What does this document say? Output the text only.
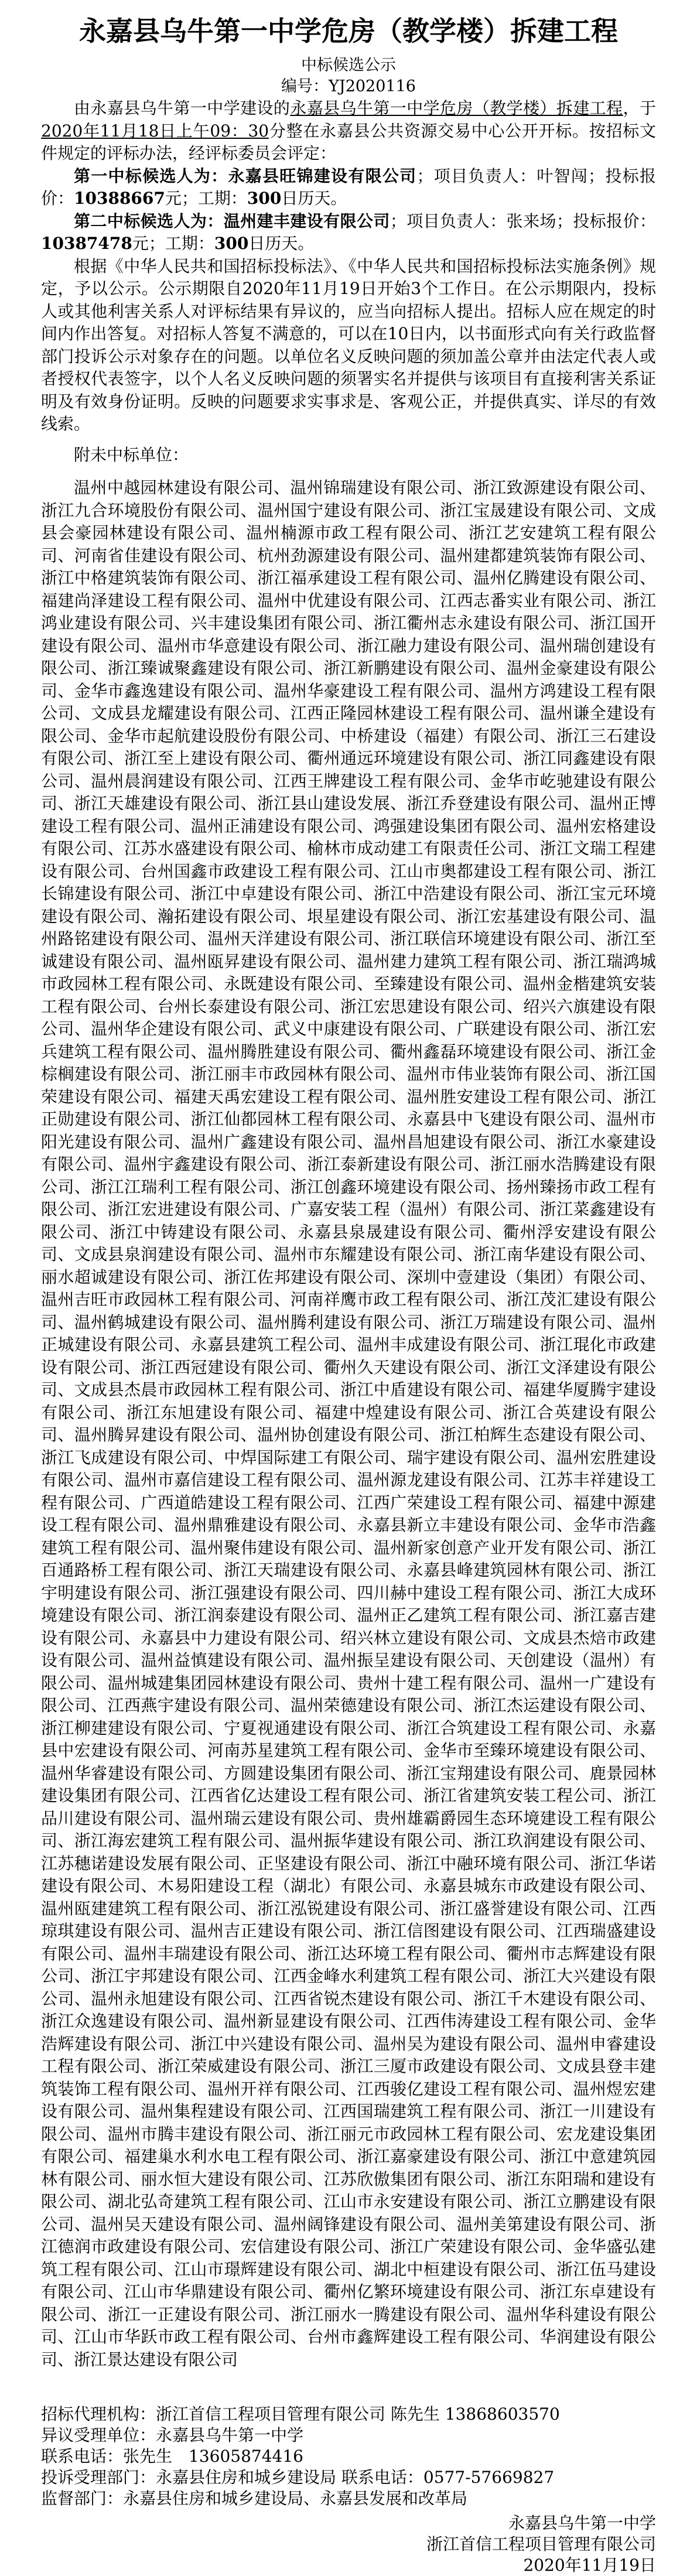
永嘉县乌牛第一中学危房（教学楼）拆建工程
中标候选公示
编号：YJ2020116

由永嘉县乌牛第一中学建设的永嘉县乌牛第一中学危房（教学楼）拆建工程，于2020年11月18日上午09：30分整在永嘉县公共资源交易中心公开开标。按招标文件规定的评标办法，经评标委员会评定：

第一中标候选人为：永嘉县旺锦建设有限公司；项目负责人：叶智闯；投标报价：10388667元；工期：300日历天。

第二中标候选人为：温州建丰建设有限公司；项目负责人：张来场；投标报价：10387478元；工期：300日历天。

根据《中华人民共和国招标投标法》、《中华人民共和国招标投标法实施条例》规定，予以公示。公示期限自2020年11月19日开始3个工作日。在公示期限内，投标人或其他利害关系人对评标结果有异议的，应当向招标人提出。招标人应在规定的时间内作出答复。对招标人答复不满意的，可以在10日内，以书面形式向有关行政监督部门投诉公示对象存在的问题。以单位名义反映问题的须加盖公章并由法定代表人或者授权代表签字，以个人名义反映问题的须署实名并提供与该项目有直接利害关系证明及有效身份证明。反映的问题要求实事求是、客观公正，并提供真实、详尽的有效线索。

附未中标单位：

温州中越园林建设有限公司、温州锦瑞建设有限公司、浙江致源建设有限公司、浙江九合环境股份有限公司、温州国宁建设有限公司、浙江宝晟建设有限公司、文成县会豪园林建设有限公司、温州楠源市政工程有限公司、浙江艺安建筑工程有限公司、河南省佳建设有限公司、杭州劲源建设有限公司、温州建都建筑装饰有限公司、浙江中格建筑装饰有限公司、浙江福承建设工程有限公司、温州亿腾建设有限公司、福建尚泽建设工程有限公司、温州中优建设有限公司、江西志番实业有限公司、浙江鸿业建设有限公司、兴丰建设集团有限公司、浙江衢州志永建设有限公司、浙江国开建设有限公司、温州市华意建设有限公司、浙江融力建设有限公司、温州瑞创建设有限公司、浙江臻诚聚鑫建设有限公司、浙江新鹏建设有限公司、温州金豪建设有限公司、金华市鑫逸建设有限公司、温州华豪建设工程有限公司、温州方鸿建设工程有限公司、文成县龙耀建设有限公司、江西正隆园林建设工程有限公司、温州谦全建设有限公司、金华市起航建设股份有限公司、中桥建设（福建）有限公司、浙江三石建设有限公司、浙江至上建设有限公司、衢州通远环境建设有限公司、浙江同鑫建设有限公司、温州晨润建设有限公司、江西王牌建设工程有限公司、金华市屹驰建设有限公司、浙江天雄建设有限公司、浙江县山建设发展、浙江乔登建设有限公司、温州正博建设工程有限公司、温州正浦建设有限公司、鸿强建设集团有限公司、温州宏格建设有限公司、江苏水盛建设有限公司、榆林市成动建工有限责任公司、浙江文瑞工程建设有限公司、台州国鑫市政建设工程有限公司、江山市奥都建设工程有限公司、浙江长锦建设有限公司、浙江中卓建设有限公司、浙江中浩建设有限公司、浙江宝元环境建设有限公司、瀚拓建设有限公司、垠星建设有限公司、浙江宏基建设有限公司、温州路铭建设有限公司、温州天洋建设有限公司、浙江联信环境建设有限公司、浙江至诚建设有限公司、温州瓯昇建设有限公司、温州建力建筑工程有限公司、浙江瑞鸿城市政园林工程有限公司、永既建设有限公司、至臻建设有限公司、温州金楷建筑安装工程有限公司、台州长泰建设有限公司、浙江宏思建设有限公司、绍兴六旗建设有限公司、温州华企建设有限公司、武义中康建设有限公司、广联建设有限公司、浙江宏兵建筑工程有限公司、温州腾胜建设有限公司、衢州鑫磊环境建设有限公司、浙江金棕榈建设有限公司、浙江丽丰市政园林有限公司、温州市伟业装饰有限公司、浙江国荣建设有限公司、福建天禹宏建设工程有限公司、温州胜安建设工程有限公司、浙江正勋建设有限公司、浙江仙都园林工程有限公司、永嘉县中飞建设有限公司、温州市阳光建设有限公司、温州广鑫建设有限公司、温州昌旭建设有限公司、浙江水豪建设有限公司、温州宇鑫建设有限公司、浙江泰新建设有限公司、浙江丽水浩腾建设有限公司、浙江江瑞利工程有限公司、浙江创鑫环境建设有限公司、扬州臻扬市政工程有限公司、浙江宏进建设有限公司、广嘉安装工程（温州）有限公司、浙江菜鑫建设有限公司、浙江中铸建设有限公司、永嘉县泉晟建设有限公司、衢州浮安建设有限公司、文成县泉润建设有限公司、温州市东耀建设有限公司、浙江南华建设有限公司、丽水超诚建设有限公司、浙江佐邦建设有限公司、深圳中壹建设（集团）有限公司、温州吉旺市政园林工程有限公司、河南祥鹰市政工程有限公司、浙江茂汇建设有限公司、温州鹤城建设有限公司、温州腾利建设有限公司、浙江万瑞建设有限公司、温州正城建设有限公司、永嘉县建筑工程公司、温州丰成建设有限公司、浙江琨化市政建设有限公司、浙江西冠建设有限公司、衢州久天建设有限公司、浙江文泽建设有限公司、文成县杰晨市政园林工程有限公司、浙江中盾建设有限公司、福建华厦腾宇建设有限公司、浙江东旭建设有限公司、福建中煌建设有限公司、浙江合英建设有限公司、温州腾昇建设有限公司、温州协创建设有限公司、浙江柏辉生态建设有限公司、浙江飞成建设有限公司、中焊国际建工有限公司、瑞宇建设有限公司、温州宏胜建设有限公司、温州市嘉信建设工程有限公司、温州源龙建设有限公司、江苏丰祥建设工程有限公司、广西道皓建设工程有限公司、江西广荣建设工程有限公司、福建中源建设工程有限公司、温州鼎雅建设有限公司、永嘉县新立丰建设有限公司、金华市浩鑫建筑工程有限公司、温州聚伟建设有限公司、温州新家创意产业开发有限公司、浙江百通路桥工程有限公司、浙江天瑞建设有限公司、永嘉县峰建筑园林有限公司、浙江宇明建设有限公司、浙江强建设有限公司、四川赫中建设工程有限公司、浙江大成环境建设有限公司、浙江润泰建设有限公司、温州正乙建筑工程有限公司、浙江嘉吉建设有限公司、永嘉县中力建设有限公司、绍兴林立建设有限公司、文成县杰焙市政建设有限公司、温州益慎建设有限公司、温州振呈建设有限公司、天创建设（温州）有限公司、温州城建集团园林建设有限公司、贵州十建工程有限公司、温州一广建设有限公司、江西燕宇建设有限公司、温州荣德建设有限公司、浙江杰运建设有限公司、浙江柳建建设有限公司、宁夏视通建设有限公司、浙江合筑建设工程有限公司、永嘉县中宏建设有限公司、河南苏星建筑工程有限公司、金华市至臻环境建设有限公司、温州华睿建设有限公司、方圆建设集团有限公司、浙江宝翔建设有限公司、鹿景园林建设集团有限公司、江西省亿达建设工程有限公司、浙江省建筑安装工程公司、浙江品川建设有限公司、温州瑞云建设有限公司、贵州雄霸爵园生态环境建设工程有限公司、浙江海宏建筑工程有限公司、温州振华建设有限公司、浙江玖润建设有限公司、江苏穗诺建设发展有限公司、正坚建设有限公司、浙江中融环境有限公司、浙江华诺建设有限公司、木易阳建设工程（湖北）有限公司、永嘉县城东市政建设有限公司、温州瓯建建筑工程有限公司、浙江泓锐建设有限公司、浙江盛誉建设有限公司、江西琼琪建设有限公司、温州吉正建设有限公司、浙江信图建设有限公司、江西瑞盛建设有限公司、温州丰瑞建设有限公司、浙江达环境工程有限公司、衢州市志辉建设有限公司、浙江宇邦建设有限公司、江西金峰水利建筑工程有限公司、浙江大兴建设有限公司、温州永旭建设有限公司、江西省锐杰建设有限公司、浙江千木建设有限公司、浙江众逸建设有限公司、温州新显建设有限公司、江西伟涛建设工程有限公司、金华浩辉建设有限公司、浙江中兴建设有限公司、温州吴为建设有限公司、温州申睿建设工程有限公司、浙江荣威建设有限公司、浙江三厦市政建设有限公司、文成县登丰建筑装饰工程有限公司、温州开祥有限公司、江西骏亿建设工程有限公司、温州煜宏建设有限公司、温州集程建设有限公司、江西国瑞建筑工程有限公司、浙江一川建设有限公司、温州市腾丰建设有限公司、浙江丽元市政园林工程有限公司、宏龙建设集团有限公司、福建巢水利水电工程有限公司、浙江嘉豪建设有限公司、浙江中意建筑园林有限公司、丽水恒大建设有限公司、江苏欣傲集团有限公司、浙江东阳瑞和建设有限公司、湖北弘奇建筑工程有限公司、江山市永安建设有限公司、浙江立鹏建设有限公司、温州吴天建设有限公司、温州阔锋建设有限公司、温州美第建设有限公司、浙江德润市政建设有限公司、宏信建设有限公司、浙江广荣建设有限公司、金华盛弘建筑工程有限公司、江山市璟辉建设有限公司、湖北中桓建设有限公司、浙江伍马建设有限公司、江山市华鼎建设有限公司、衢州亿繁环境建设有限公司、浙江东卓建设有限公司、浙江一正建设有限公司、浙江丽水一腾建设有限公司、温州华科建设有限公司、江山市华跃市政工程有限公司、台州市鑫辉建设工程有限公司、华润建设有限公司、浙江景达建设有限公司

招标代理机构：浙江首信工程项目管理有限公司 陈先生 13868603570
异议受理单位：永嘉县乌牛第一中学
联系电话：张先生　13605874416
投诉受理部门：永嘉县住房和城乡建设局 联系电话：0577-57669827
监督部门：永嘉县住房和城乡建设局、永嘉县发展和改革局
永嘉县乌牛第一中学
浙江首信工程项目管理有限公司
2020年11月19日
